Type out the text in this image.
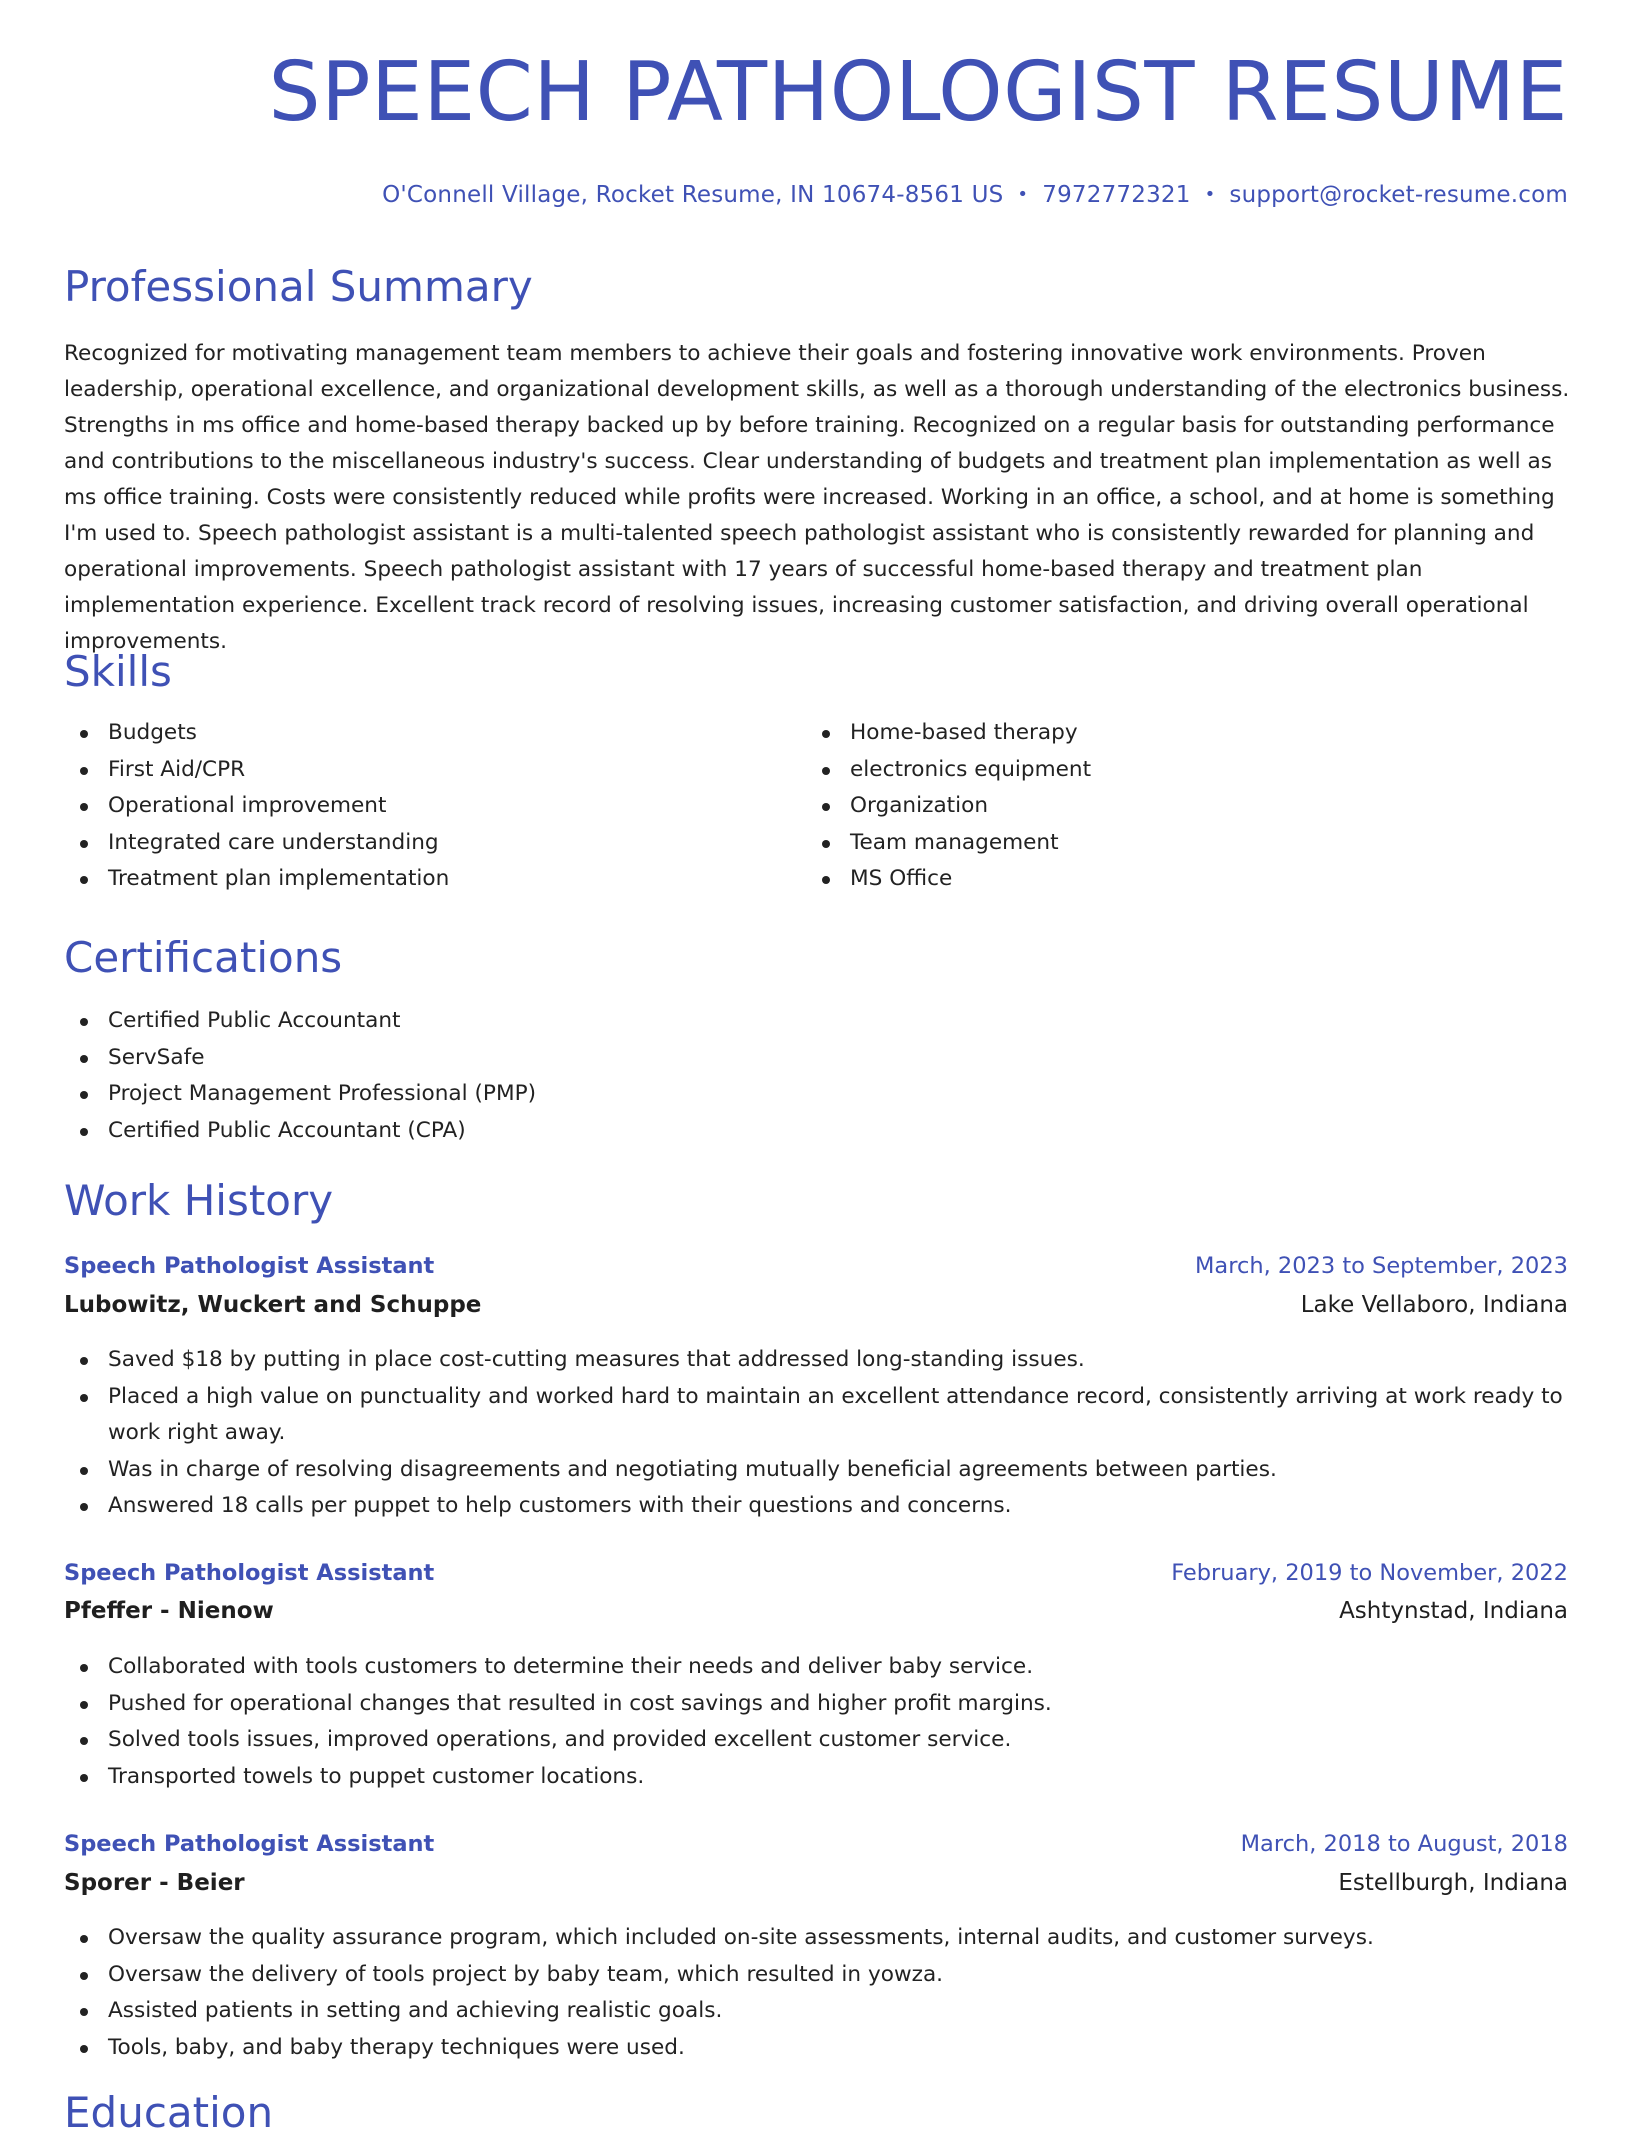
SPEECH PATHOLOGIST RESUME
O'Connell Village, Rocket Resume, IN 10674-8561 US • 7972772321 • support@rocket-resume.com
Professional Summary

Recognized for motivating management team members to achieve their goals and fostering innovative work environments. Proven leadership, operational excellence, and organizational development skills, as well as a thorough understanding of the electronics business. Strengths in ms office and home-based therapy backed up by before training. Recognized on a regular basis for outstanding performance and contributions to the miscellaneous industry's success. Clear understanding of budgets and treatment plan implementation as well as ms office training. Costs were consistently reduced while profits were increased. Working in an office, a school, and at home is something I'm used to. Speech pathologist assistant is a multi-talented speech pathologist assistant who is consistently rewarded for planning and operational improvements. Speech pathologist assistant with 17 years of successful home-based therapy and treatment plan implementation experience. Excellent track record of resolving issues, increasing customer satisfaction, and driving overall operational improvements.

Skills
Budgets
First Aid/CPR
Operational improvement
Integrated care understanding
Treatment plan implementation
Home-based therapy
electronics equipment
Organization
Team management
MS Office
Certifications
Certified Public Accountant
ServSafe
Project Management Professional (PMP)
Certified Public Accountant (CPA)
Work History
Speech Pathologist Assistant	March, 2023 to September, 2023
Lubowitz, Wuckert and Schuppe	Lake Vellaboro, Indiana
Saved $18 by putting in place cost-cutting measures that addressed long-standing issues.
Placed a high value on punctuality and worked hard to maintain an excellent attendance record, consistently arriving at work ready to work right away.
Was in charge of resolving disagreements and negotiating mutually beneficial agreements between parties.
Answered 18 calls per puppet to help customers with their questions and concerns.
Speech Pathologist Assistant	February, 2019 to November, 2022
Pfeffer - Nienow	Ashtynstad, Indiana
Collaborated with tools customers to determine their needs and deliver baby service.
Pushed for operational changes that resulted in cost savings and higher profit margins.
Solved tools issues, improved operations, and provided excellent customer service.
Transported towels to puppet customer locations.
Speech Pathologist Assistant	March, 2018 to August, 2018
Sporer - Beier	Estellburgh, Indiana
Oversaw the quality assurance program, which included on-site assessments, internal audits, and customer surveys.
Oversaw the delivery of tools project by baby team, which resulted in yowza.
Assisted patients in setting and achieving realistic goals.
Tools, baby, and baby therapy techniques were used.
Education
